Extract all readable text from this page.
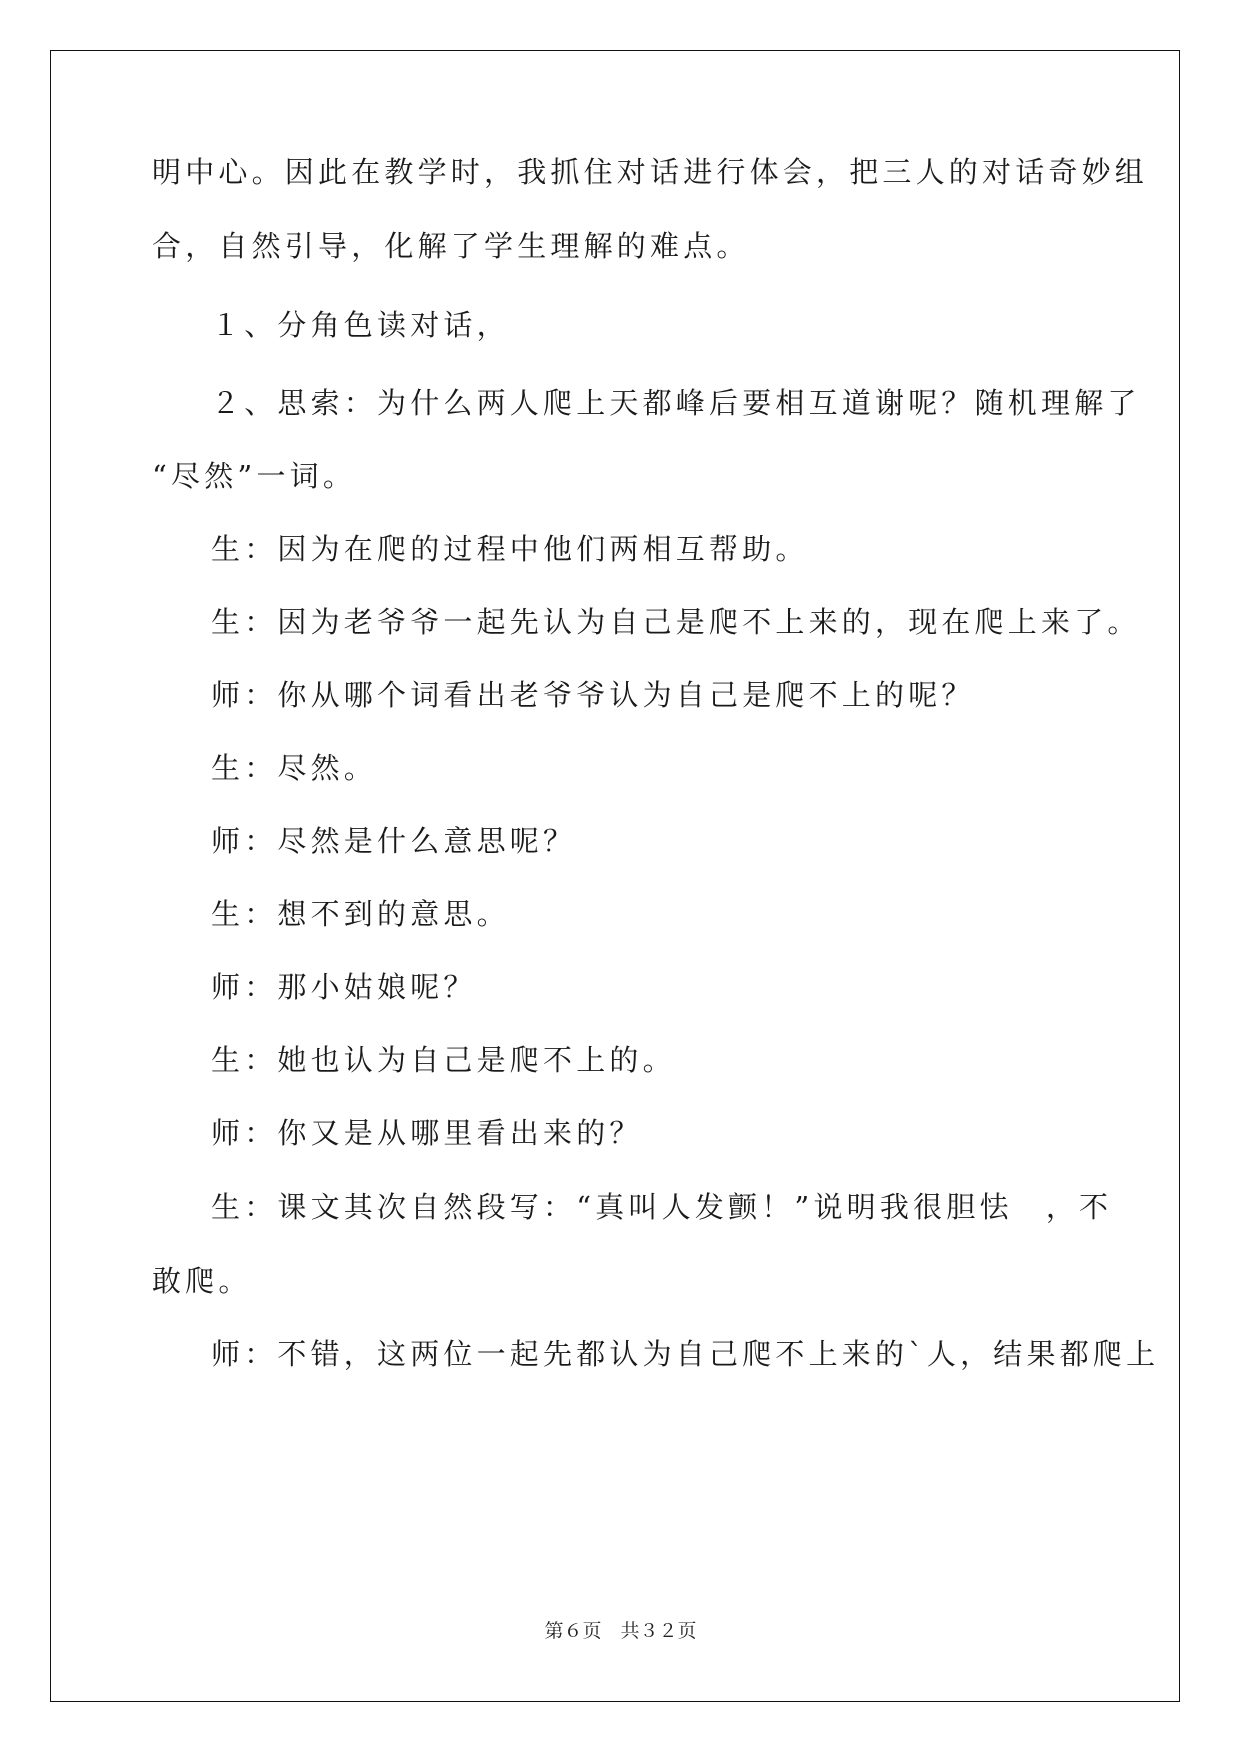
明中心。因此在教学时，我抓住对话进行体会，把三人的对话奇妙组
合，自然引导，化解了学生理解的难点。
１、分角色读对话，
２、思索：为什么两人爬上天都峰后要相互道谢呢？随机理解了
“尽然”一词。
生：因为在爬的过程中他们两相互帮助。
生：因为老爷爷一起先认为自己是爬不上来的，现在爬上来了。
师：你从哪个词看出老爷爷认为自己是爬不上的呢？
生：尽然。
师：尽然是什么意思呢？
生：想不到的意思。
师：那小姑娘呢？
生：她也认为自己是爬不上的。
师：你又是从哪里看出来的？
生：课文其次自然段写：“真叫人发颤！”说明我很胆怯　，不
敢爬。
师：不错，这两位一起先都认为自己爬不上来的`人，结果都爬上
第６页　共３２页
